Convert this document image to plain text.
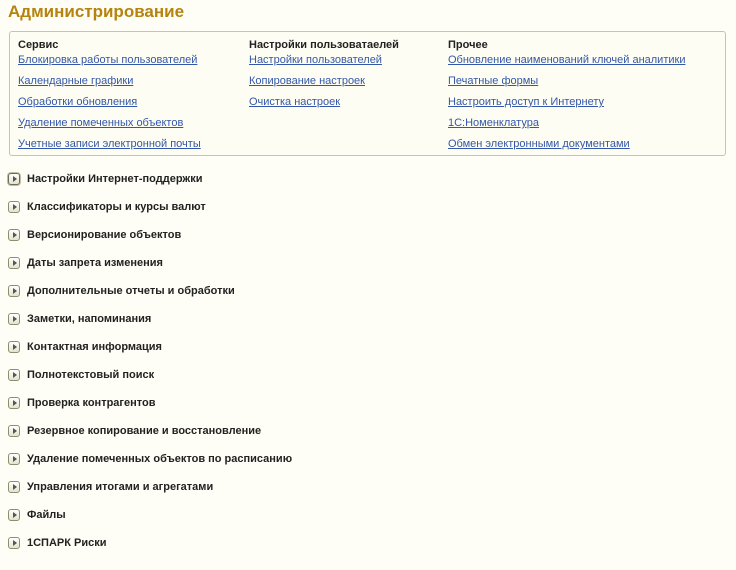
Администрирование
Сервис
Блокировка работы пользователей
Календарные графики
Обработки обновления
Удаление помеченных объектов
Учетные записи электронной почты
Настройки пользоватаелей
Настройки пользователей
Копирование настроек
Очистка настроек
Прочее
Обновление наименований ключей аналитики
Печатные формы
Настроить доступ к Интернету
1С:Номенклатура
Обмен электронными документами
Настройки Интернет-поддержки
Классификаторы и курсы валют
Версионирование объектов
Даты запрета изменения
Дополнительные отчеты и обработки
Заметки, напоминания
Контактная информация
Полнотекстовый поиск
Проверка контрагентов
Резервное копирование и восстановление
Удаление помеченных объектов по расписанию
Управления итогами и агрегатами
Файлы
1СПАРК Риски
